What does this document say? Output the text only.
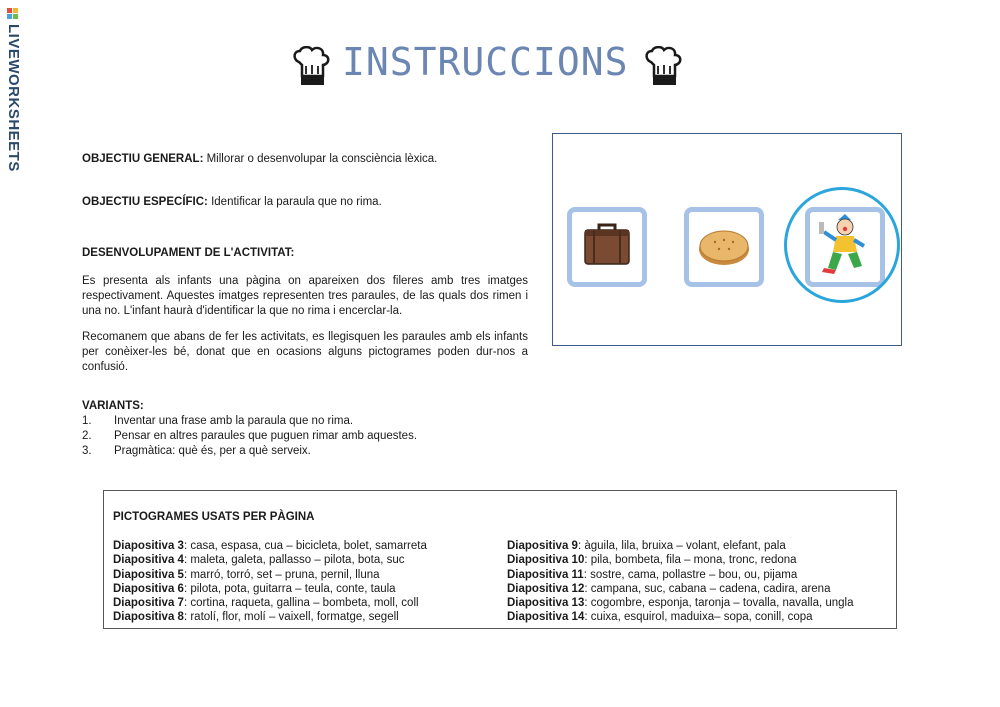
LIVEWORKSHEETS	INSTRUCCIONS
OBJECTIU GENERAL: Millorar o desenvolupar la consciència lèxica.
OBJECTIU ESPECÍFIC: Identificar la paraula que no rima.
DESENVOLUPAMENT DE L'ACTIVITAT:
Es presenta als infants una pàgina on apareixen dos fileres amb tres imatges respectivament. Aquestes imatges representen tres paraules, de las quals dos rimen i una no. L'infant haurà d'identificar la que no rima i encerclar-la.
Recomanem que abans de fer les activitats, es llegisquen les paraules amb els infants per conèixer-les bé, donat que en ocasions alguns pictogrames poden dur-nos a confusió.
VARIANTS:
1.	Inventar una frase amb la paraula que no rima.
2.	Pensar en altres paraules que puguen rimar amb aquestes.
3.	Pragmàtica: què és, per a què serveix.
PICTOGRAMES USATS PER PÀGINA
Diapositiva 3: casa, espasa, cua – bicicleta, bolet, samarreta
Diapositiva 4: maleta, galeta, pallasso – pilota, bota, suc
Diapositiva 5: marró, torró, set – pruna, pernil, lluna
Diapositiva 6: pilota, pota, guitarra – teula, conte, taula
Diapositiva 7: cortina, raqueta, gallina – bombeta, moll, coll
Diapositiva 8: ratolí, flor, molí – vaixell, formatge, segell
Diapositiva 9: àguila, lila, bruixa – volant, elefant, pala
Diapositiva 10: pila, bombeta, fila – mona, tronc, redona
Diapositiva 11: sostre, cama, pollastre – bou, ou, pijama
Diapositiva 12: campana, suc, cabana – cadena, cadira, arena
Diapositiva 13: cogombre, esponja, taronja – tovalla, navalla, ungla
Diapositiva 14: cuixa, esquirol, maduixa– sopa, conill, copa
